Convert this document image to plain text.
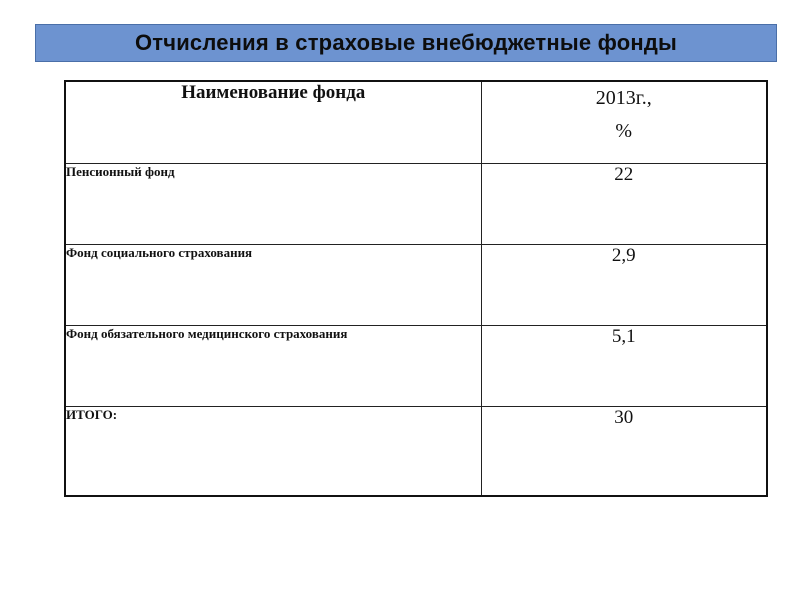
Отчисления в страховые внебюджетные фонды
Наименование фонда	2013г.,
%

Пенсионный фонд	22
Фонд социального страхования	2,9
Фонд обязательного медицинского страхования	5,1
ИТОГО:	30
